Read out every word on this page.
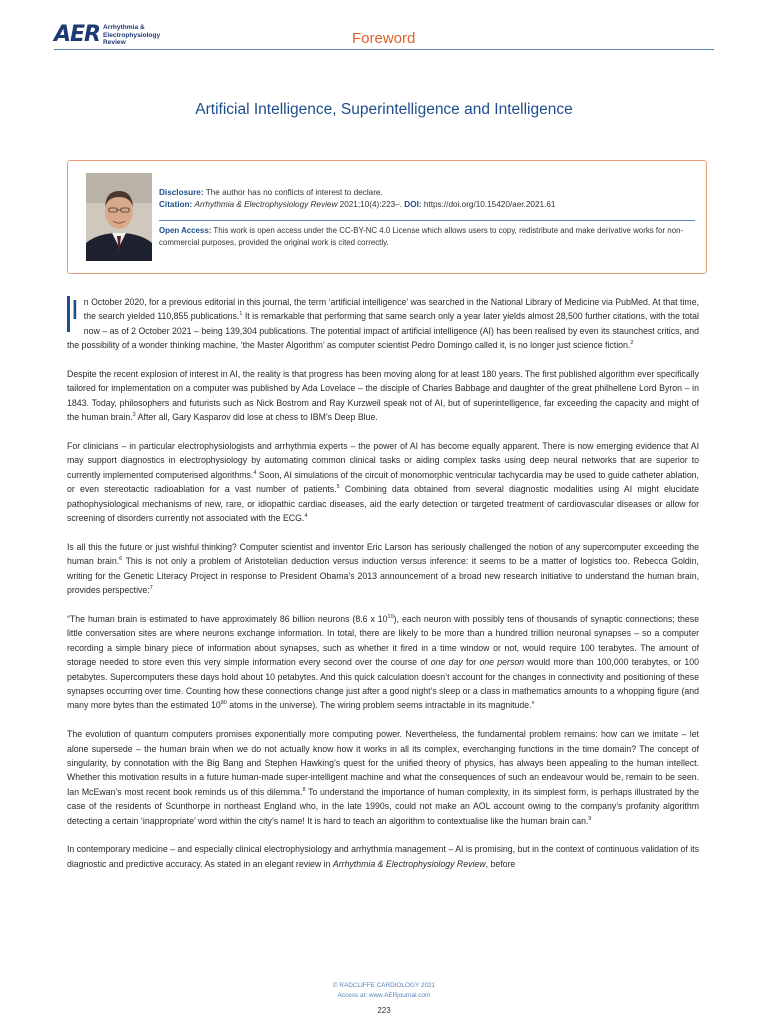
AER Arrhythmia &
Electrophysiology
Review	Foreword
Artificial Intelligence, Superintelligence and Intelligence
Disclosure: The author has no conflicts of interest to declare.
Citation: Arrhythmia & Electrophysiology Review 2021;10(4):223–. DOI: https://doi.org/10.15420/aer.2021.61
Open Access: This work is open access under the CC-BY-NC 4.0 License which allows users to copy, redistribute and make derivative works for non-commercial purposes, provided the original work is cited correctly.

I n October 2020, for a previous editorial in this journal, the term ‘artificial intelligence’ was searched in the National Library of Medicine via PubMed. At that time, the search yielded 110,855 publications.$^1$ It is remarkable that performing that same search only a year later yields almost 28,500 further citations, with the total now – as of 2 October 2021 – being 139,304 publications. The potential impact of artificial intelligence (AI) has been realised by even its staunchest critics, and the possibility of a wonder thinking machine, ‘the Master Algorithm’ as computer scientist Pedro Domingo called it, is no longer just science fiction.$^2$

Despite the recent explosion of interest in AI, the reality is that progress has been moving along for at least 180 years. The first published algorithm ever specifically tailored for implementation on a computer was published by Ada Lovelace – the disciple of Charles Babbage and daughter of the great philhellene Lord Byron – in 1843. Today, philosophers and futurists such as Nick Bostrom and Ray Kurzweil speak not of AI, but of superintelligence, far exceeding the capacity and might of the human brain.$^3$ After all, Gary Kasparov did lose at chess to IBM’s Deep Blue.

For clinicians – in particular electrophysiologists and arrhythmia experts – the power of AI has become equally apparent. There is now emerging evidence that AI may support diagnostics in electrophysiology by automating common clinical tasks or aiding complex tasks using deep neural networks that are superior to currently implemented computerised algorithms.$^4$ Soon, AI simulations of the circuit of monomorphic ventricular tachycardia may be used to guide catheter ablation, or even stereotactic radioablation for a vast number of patients.$^5$ Combining data obtained from several diagnostic modalities using AI might elucidate pathophysiological mechanisms of new, rare, or idiopathic cardiac diseases, aid the early detection or targeted treatment of cardiovascular diseases or allow for screening of disorders currently not associated with the ECG.$^4$

Is all this the future or just wishful thinking? Computer scientist and inventor Eric Larson has seriously challenged the notion of any supercomputer exceeding the human brain.$^6$ This is not only a problem of Aristotelian deduction versus induction versus inference: it seems to be a matter of logistics too. Rebecca Goldin, writing for the Genetic Literacy Project in response to President Obama’s 2013 announcement of a broad new research initiative to understand the human brain, provides perspective:$^7$

“The human brain is estimated to have approximately 86 billion neurons (8.6 x $10^{10}$), each neuron with possibly tens of thousands of synaptic connections; these little conversation sites are where neurons exchange information. In total, there are likely to be more than a hundred trillion neuronal synapses – so a computer recording a simple binary piece of information about synapses, such as whether it fired in a time window or not, would require 100 terabytes. The amount of storage needed to store even this very simple information every second over the course of one day for one person would more than 100,000 terabytes, or 100 petabytes. Supercomputers these days hold about 10 petabytes. And this quick calculation doesn’t account for the changes in connectivity and positioning of these synapses occurring over time. Counting how these connections change just after a good night’s sleep or a class in mathematics amounts to a whopping figure (and many more bytes than the estimated $10^{80}$ atoms in the universe). The wiring problem seems intractable in its magnitude.”

The evolution of quantum computers promises exponentially more computing power. Nevertheless, the fundamental problem remains: how can we imitate – let alone supersede – the human brain when we do not actually know how it works in all its complex, everchanging functions in the time domain? The concept of singularity, by connotation with the Big Bang and Stephen Hawking’s quest for the unified theory of physics, has always been appealing to the human intellect. Whether this motivation results in a future human-made super-intelligent machine and what the consequences of such an endeavour would be, remain to be seen. Ian McEwan’s most recent book reminds us of this dilemma.$^8$ To understand the importance of human complexity, in its simplest form, is perhaps illustrated by the case of the residents of Scunthorpe in northeast England who, in the late 1990s, could not make an AOL account owing to the company’s profanity algorithm detecting a certain ‘inappropriate’ word within the city’s name! It is hard to teach an algorithm to contextualise like the human brain can.$^9$

In contemporary medicine – and especially clinical electrophysiology and arrhythmia management – AI is promising, but in the context of continuous validation of its diagnostic and predictive accuracy. As stated in an elegant review in Arrhythmia & Electrophysiology Review, before

© RADCLIFFE CARDIOLOGY 2021
Access at: www.AERjournal.com
223
